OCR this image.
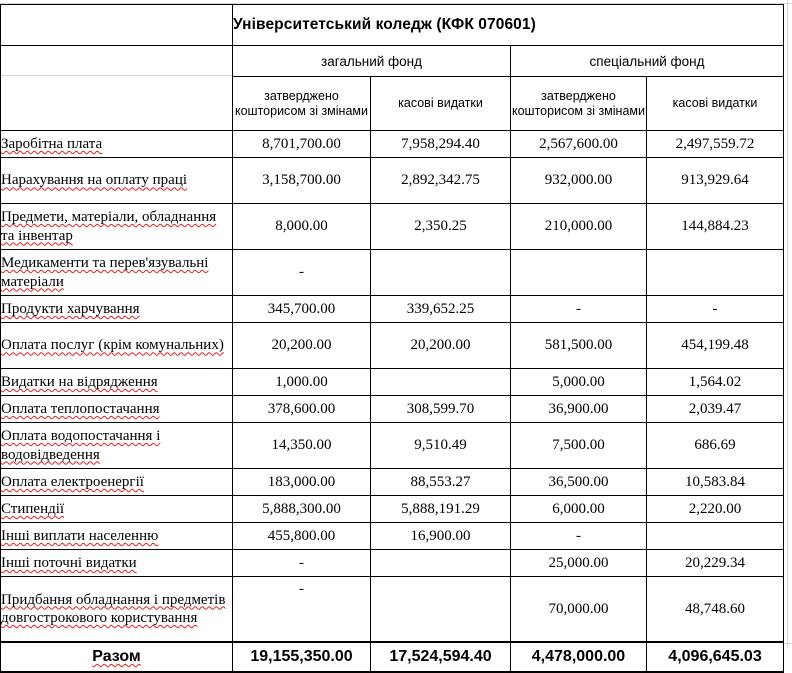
	Університетський коледж (КФК 070601)			

	загальний фонд		спеціальний фонд	
	затверджено кошторисом зі змінами	касові видатки	затверджено кошторисом зі змінами	касові видатки
Заробітна плата	8,701,700.00	7,958,294.40	2,567,600.00	2,497,559.72
Нарахування на оплату праці	3,158,700.00	2,892,342.75	932,000.00	913,929.64
Предмети, матеріали, обладнання та інвентар	8,000.00	2,350.25	210,000.00	144,884.23
Медикаменти та перев'язувальні матеріали	-			
Продукти харчування	345,700.00	339,652.25	-	-
Оплата послуг (крім комунальних)	20,200.00	20,200.00	581,500.00	454,199.48
Видатки на відрядження	1,000.00		5,000.00	1,564.02
Оплата теплопостачання	378,600.00	308,599.70	36,900.00	2,039.47
Оплата водопостачання і водовідведення	14,350.00	9,510.49	7,500.00	686.69
Оплата електроенергії	183,000.00	88,553.27	36,500.00	10,583.84
Стипендії	5,888,300.00	5,888,191.29	6,000.00	2,220.00
Інші виплати населенню	455,800.00	16,900.00	-	
Інші поточні видатки	-		25,000.00	20,229.34
Придбання обладнання і предметів довгострокового користування	-		70,000.00	48,748.60
Разом	19,155,350.00	17,524,594.40	4,478,000.00	4,096,645.03
